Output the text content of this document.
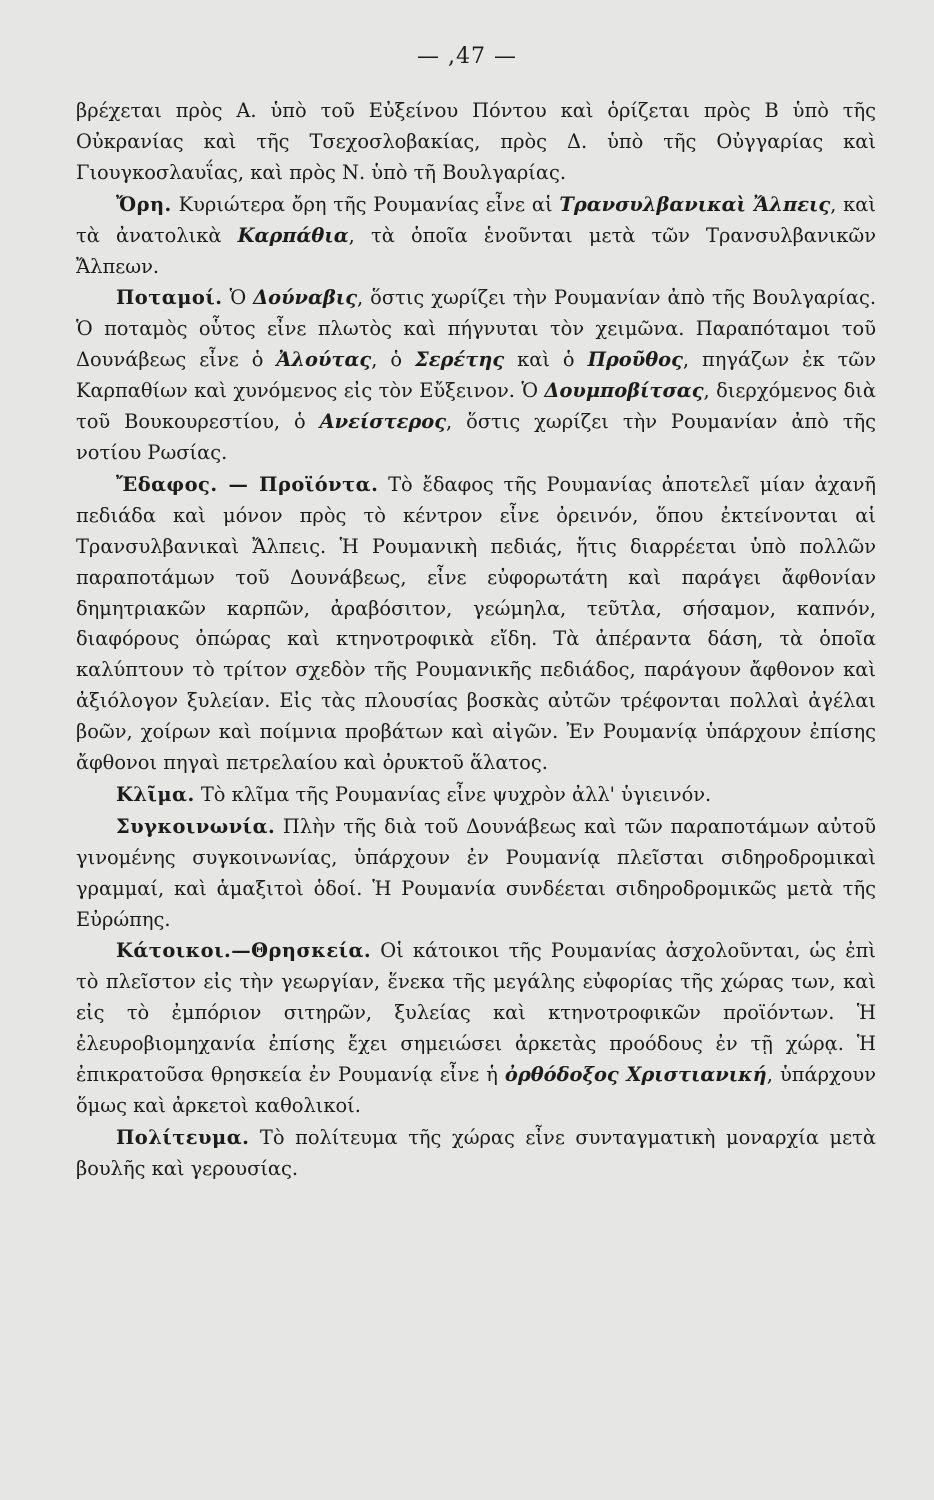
— ,47 —

βρέχεται πρὸς Α. ὑπὸ τοῦ Εὐξείνου Πόντου καὶ ὁρίζεται πρὸς Β ὑπὸ τῆς Οὐκρανίας καὶ τῆς Τσεχοσλοβακίας, πρὸς Δ. ὑπὸ τῆς Οὐγγαρίας καὶ Γιουγκοσλαυΐας, καὶ πρὸς Ν. ὑπὸ τῆ Βουλγαρίας.

Ὄρη. Κυριώτερα ὄρη τῆς Ρουμανίας εἶνε αἱ Τρανσυλβανικαὶ Ἄλπεις, καὶ τὰ ἀνατολικὰ Καρπάθια, τὰ ὁποῖα ἑνοῦνται μετὰ τῶν Τρανσυλβανικῶν Ἄλπεων.

Ποταμοί. Ὁ Δούναβις, ὅστις χωρίζει τὴν Ρουμανίαν ἀπὸ τῆς Βουλγαρίας. Ὁ ποταμὸς οὗτος εἶνε πλωτὸς καὶ πήγνυται τὸν χειμῶνα. Παραπόταμοι τοῦ Δουνάβεως εἶνε ὁ Ἀλούτας, ὁ Σερέτης καὶ ὁ Προῦθος, πηγάζων ἐκ τῶν Καρπαθίων καὶ χυνόμενος εἰς τὸν Εὔξεινον. Ὁ Δουμποβίτσας, διερχόμενος διὰ τοῦ Βουκουρεστίου, ὁ Ανείστερος, ὅστις χωρίζει τὴν Ρουμανίαν ἀπὸ τῆς νοτίου Ρωσίας.

Ἔδαφος. — Προϊόντα. Τὸ ἔδαφος τῆς Ρουμανίας ἀποτελεῖ μίαν ἀχανῆ πεδιάδα καὶ μόνον πρὸς τὸ κέντρον εἶνε ὀρεινόν, ὅπου ἐκτείνονται αἱ Τρανσυλβανικαὶ Ἄλπεις. Ἡ Ρουμανικὴ πεδιάς, ἥτις διαρρέεται ὑπὸ πολλῶν παραποτάμων τοῦ Δουνάβεως, εἶνε εὐφορωτάτη καὶ παράγει ἄφθονίαν δημητριακῶν καρπῶν, ἀραβόσιτον, γεώμηλα, τεῦτλα, σήσαμον, καπνόν, διαφόρους ὀπώρας καὶ κτηνοτροφικὰ εἴδη. Τὰ ἀπέραντα δάση, τὰ ὁποῖα καλύπτουν τὸ τρίτον σχεδὸν τῆς Ρουμανικῆς πεδιάδος, παράγουν ἄφθονον καὶ ἀξιόλογον ξυλείαν. Εἰς τὰς πλουσίας βοσκὰς αὐτῶν τρέφονται πολλαὶ ἀγέλαι βοῶν, χοίρων καὶ ποίμνια προβάτων καὶ αἰγῶν. Ἐν Ρουμανίᾳ ὑπάρχουν ἐπίσης ἄφθονοι πηγαὶ πετρελαίου καὶ ὀρυκτοῦ ἅλατος.

Κλῖμα. Τὸ κλῖμα τῆς Ρουμανίας εἶνε ψυχρὸν ἀλλ' ὑγιεινόν.

Συγκοινωνία. Πλὴν τῆς διὰ τοῦ Δουνάβεως καὶ τῶν παραποτάμων αὐτοῦ γινομένης συγκοινωνίας, ὑπάρχουν ἐν Ρουμανίᾳ πλεῖσται σιδηροδρομικαὶ γραμμαί, καὶ ἁμαξιτοὶ ὁδοί. Ἡ Ρουμανία συνδέεται σιδηροδρομικῶς μετὰ τῆς Εὐρώπης.

Κάτοικοι.—Θρησκεία. Οἱ κάτοικοι τῆς Ρουμανίας ἀσχολοῦνται, ὡς ἐπὶ τὸ πλεῖστον εἰς τὴν γεωργίαν, ἕνεκα τῆς μεγάλης εὐφορίας τῆς χώρας των, καὶ εἰς τὸ ἐμπόριον σιτηρῶν, ξυλείας καὶ κτηνοτροφικῶν προϊόντων. Ἡ ἐλευροβιομηχανία ἐπίσης ἔχει σημειώσει ἀρκετὰς προόδους ἐν τῇ χώρᾳ. Ἡ ἐπικρατοῦσα θρησκεία ἐν Ρουμανίᾳ εἶνε ἡ ὀρθόδοξος Χριστιανική, ὑπάρχουν ὅμως καὶ ἀρκετοὶ καθολικοί.

Πολίτευμα. Τὸ πολίτευμα τῆς χώρας εἶνε συνταγματικὴ μοναρχία μετὰ βουλῆς καὶ γερουσίας.
